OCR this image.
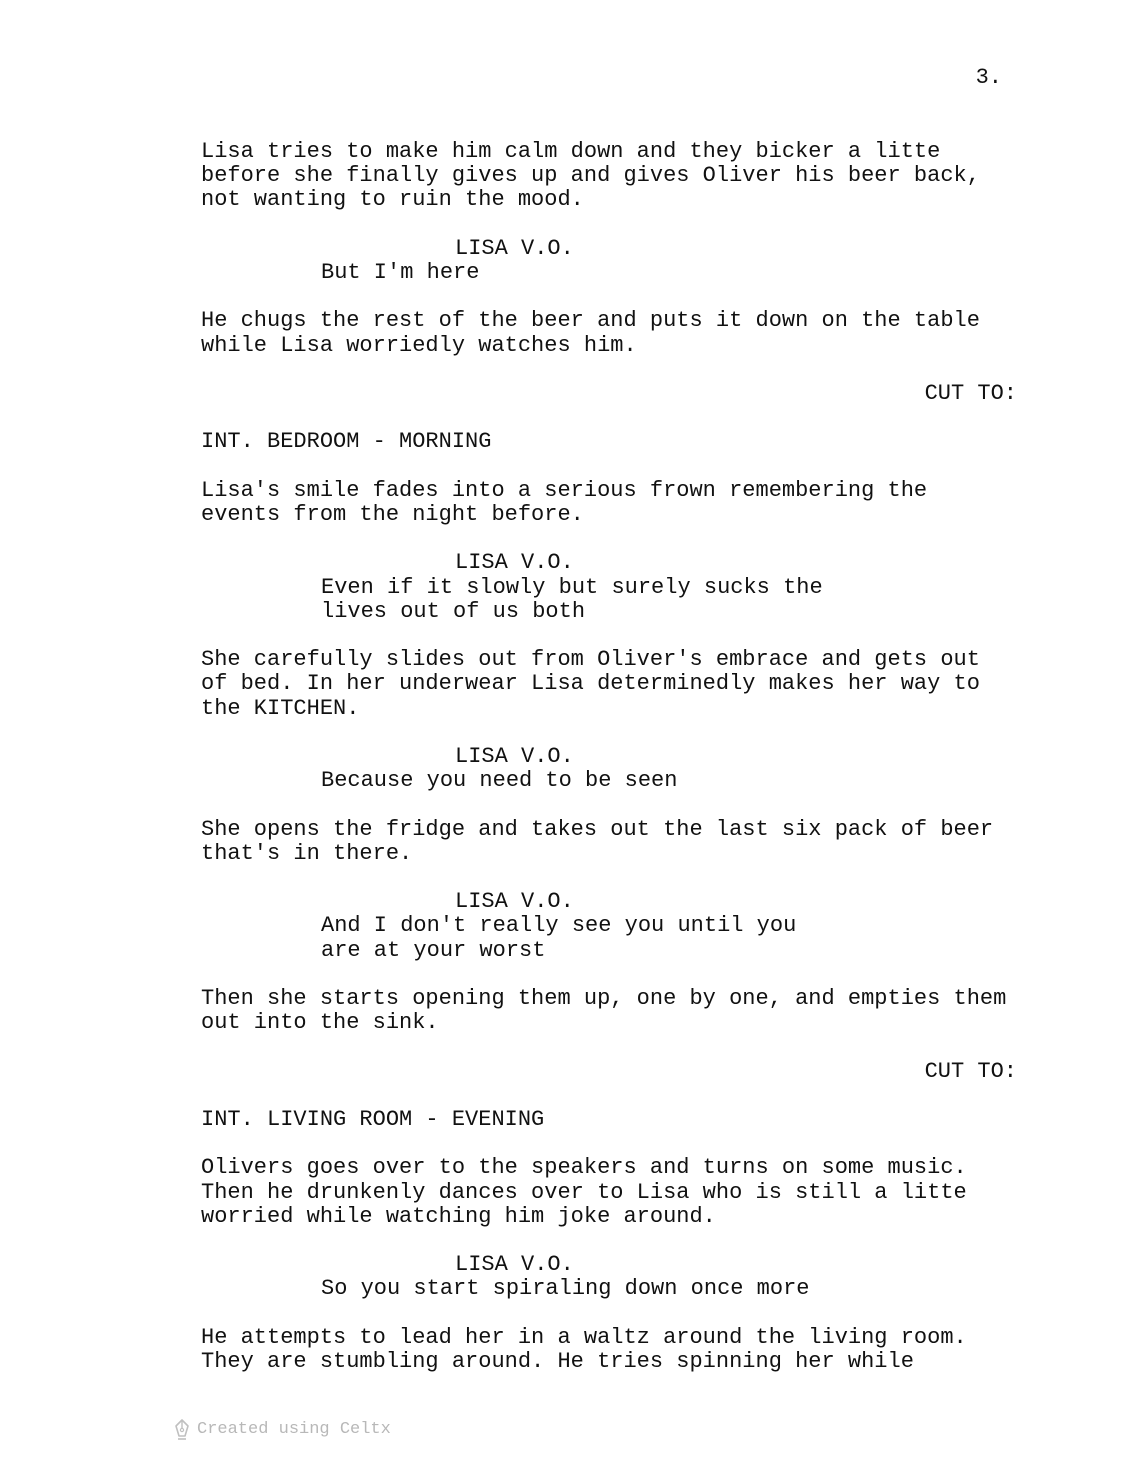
3.
Lisa tries to make him calm down and they bicker a litte
before she finally gives up and gives Oliver his beer back,
not wanting to ruin the mood.
LISA V.O.
But I'm here
He chugs the rest of the beer and puts it down on the table
while Lisa worriedly watches him.
CUT TO:
INT. BEDROOM - MORNING
Lisa's smile fades into a serious frown remembering the
events from the night before.
LISA V.O.
Even if it slowly but surely sucks the
lives out of us both
She carefully slides out from Oliver's embrace and gets out
of bed. In her underwear Lisa determinedly makes her way to
the KITCHEN.
LISA V.O.
Because you need to be seen
She opens the fridge and takes out the last six pack of beer
that's in there.
LISA V.O.
And I don't really see you until you
are at your worst
Then she starts opening them up, one by one, and empties them
out into the sink.
CUT TO:
INT. LIVING ROOM - EVENING
Olivers goes over to the speakers and turns on some music.
Then he drunkenly dances over to Lisa who is still a litte
worried while watching him joke around.
LISA V.O.
So you start spiraling down once more
He attempts to lead her in a waltz around the living room.
They are stumbling around. He tries spinning her while
Created using Celtx
